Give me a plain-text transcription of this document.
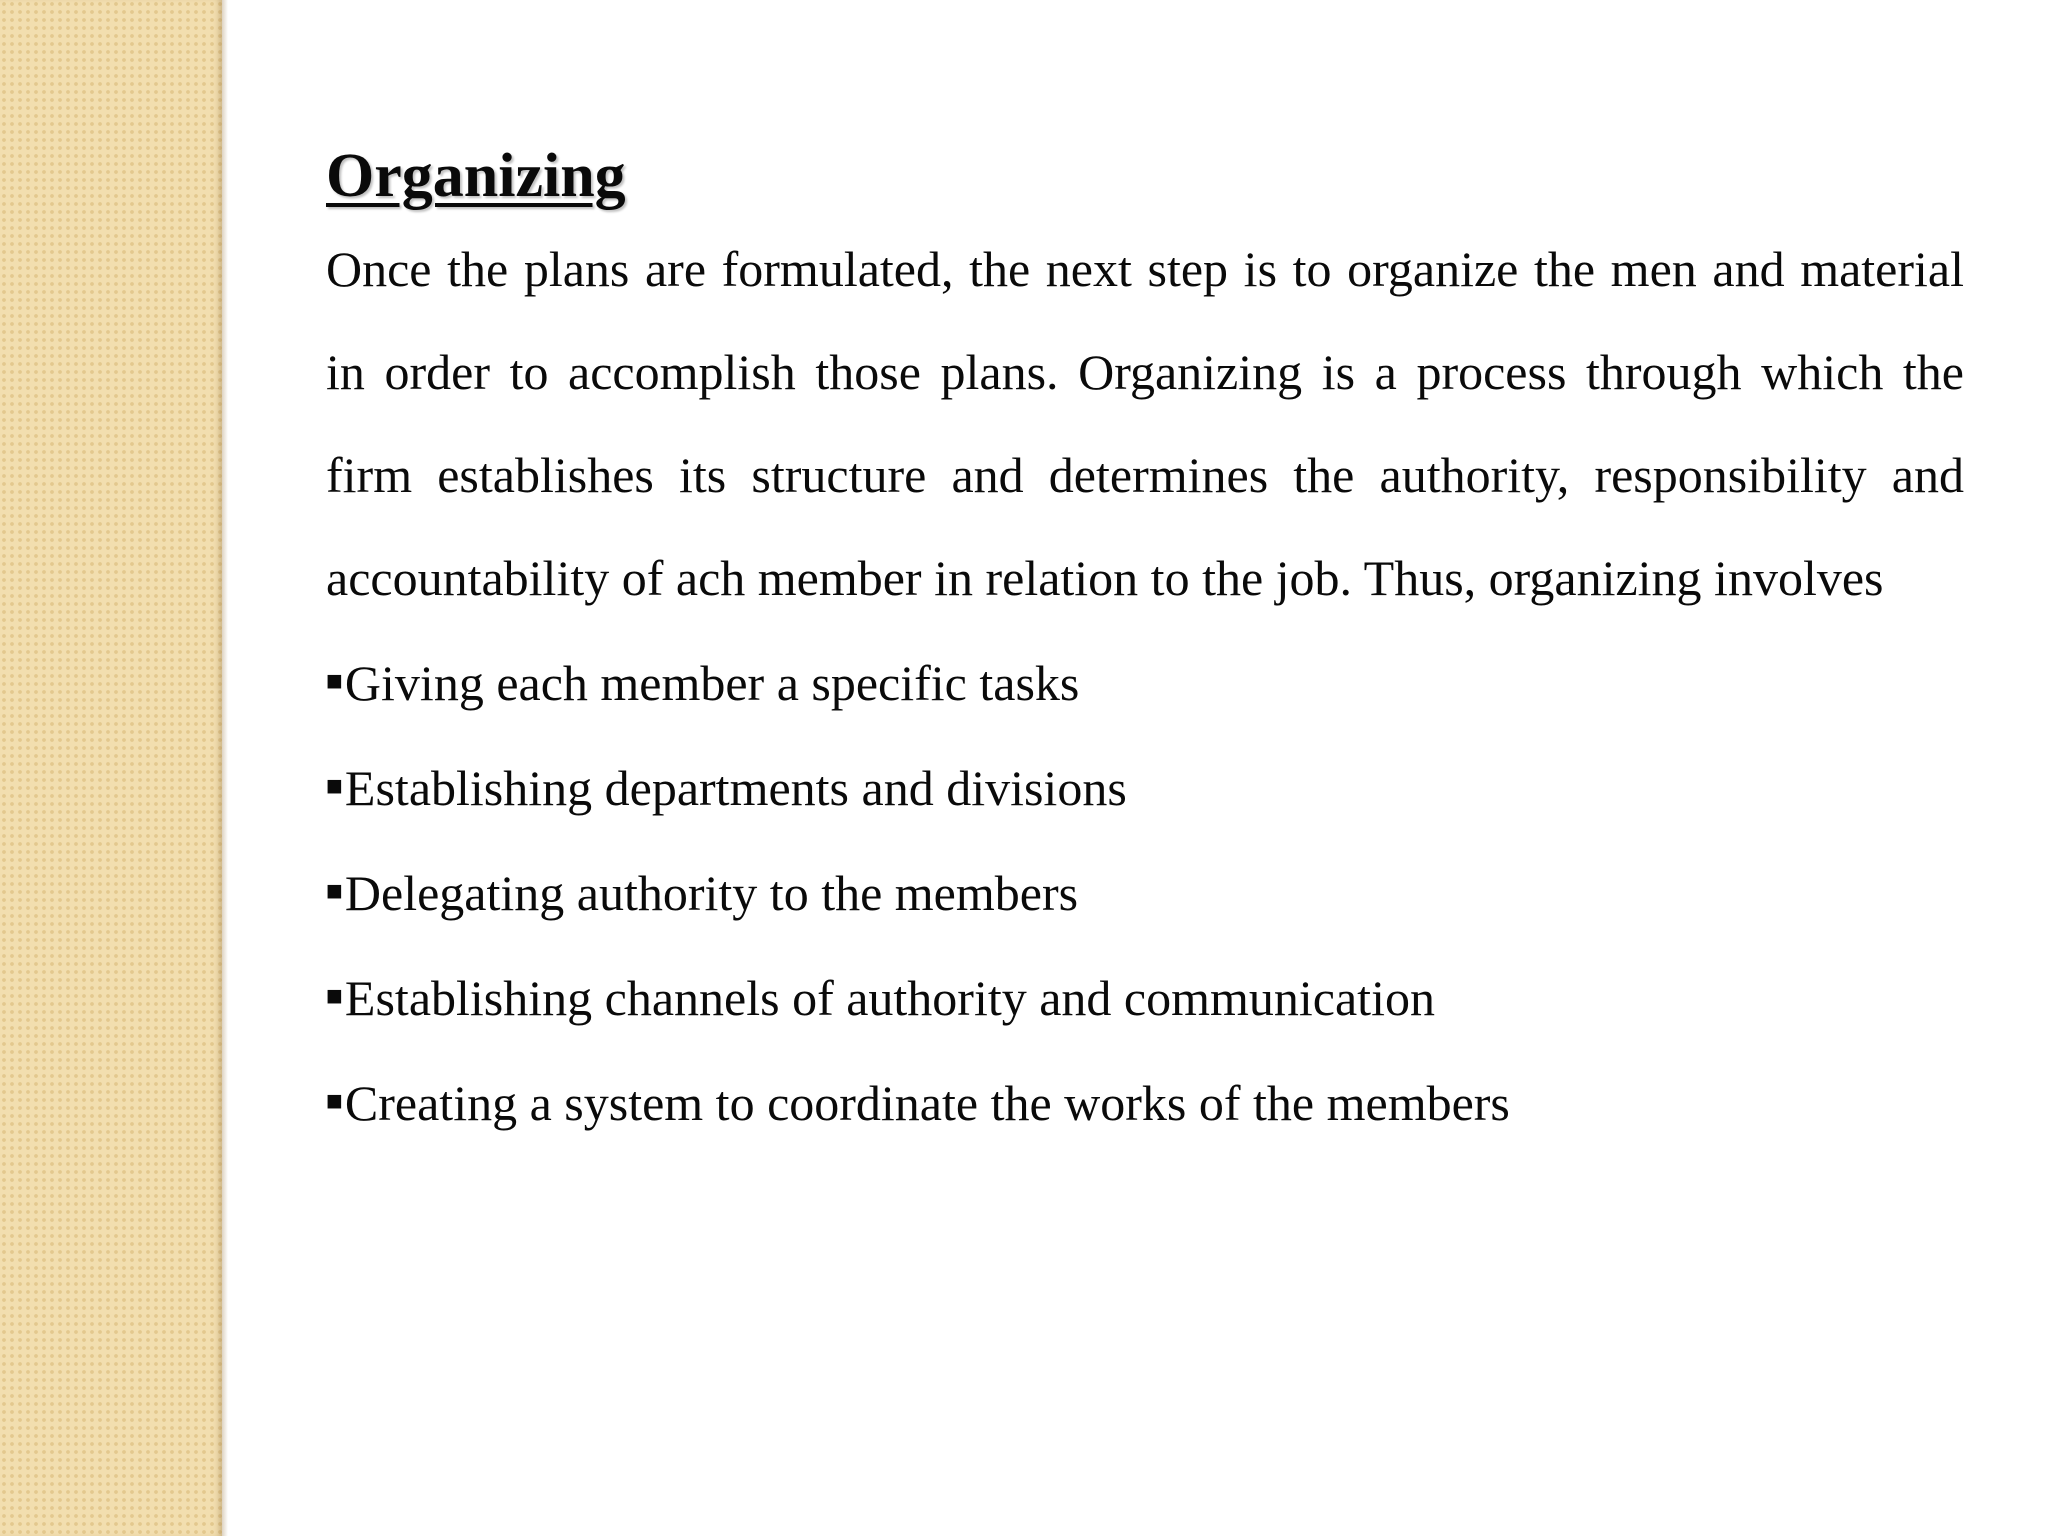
Organizing
Once the plans are formulated, the next step is to organize the men and material in order to accomplish those plans. Organizing is a process through which the firm establishes its structure and determines the authority, responsibility and accountability of ach member in relation to the job. Thus, organizing involves
■Giving each member a specific tasks
■Establishing departments and divisions
■Delegating authority to the members
■Establishing channels of authority and communication
■Creating a system to coordinate the works of the members
